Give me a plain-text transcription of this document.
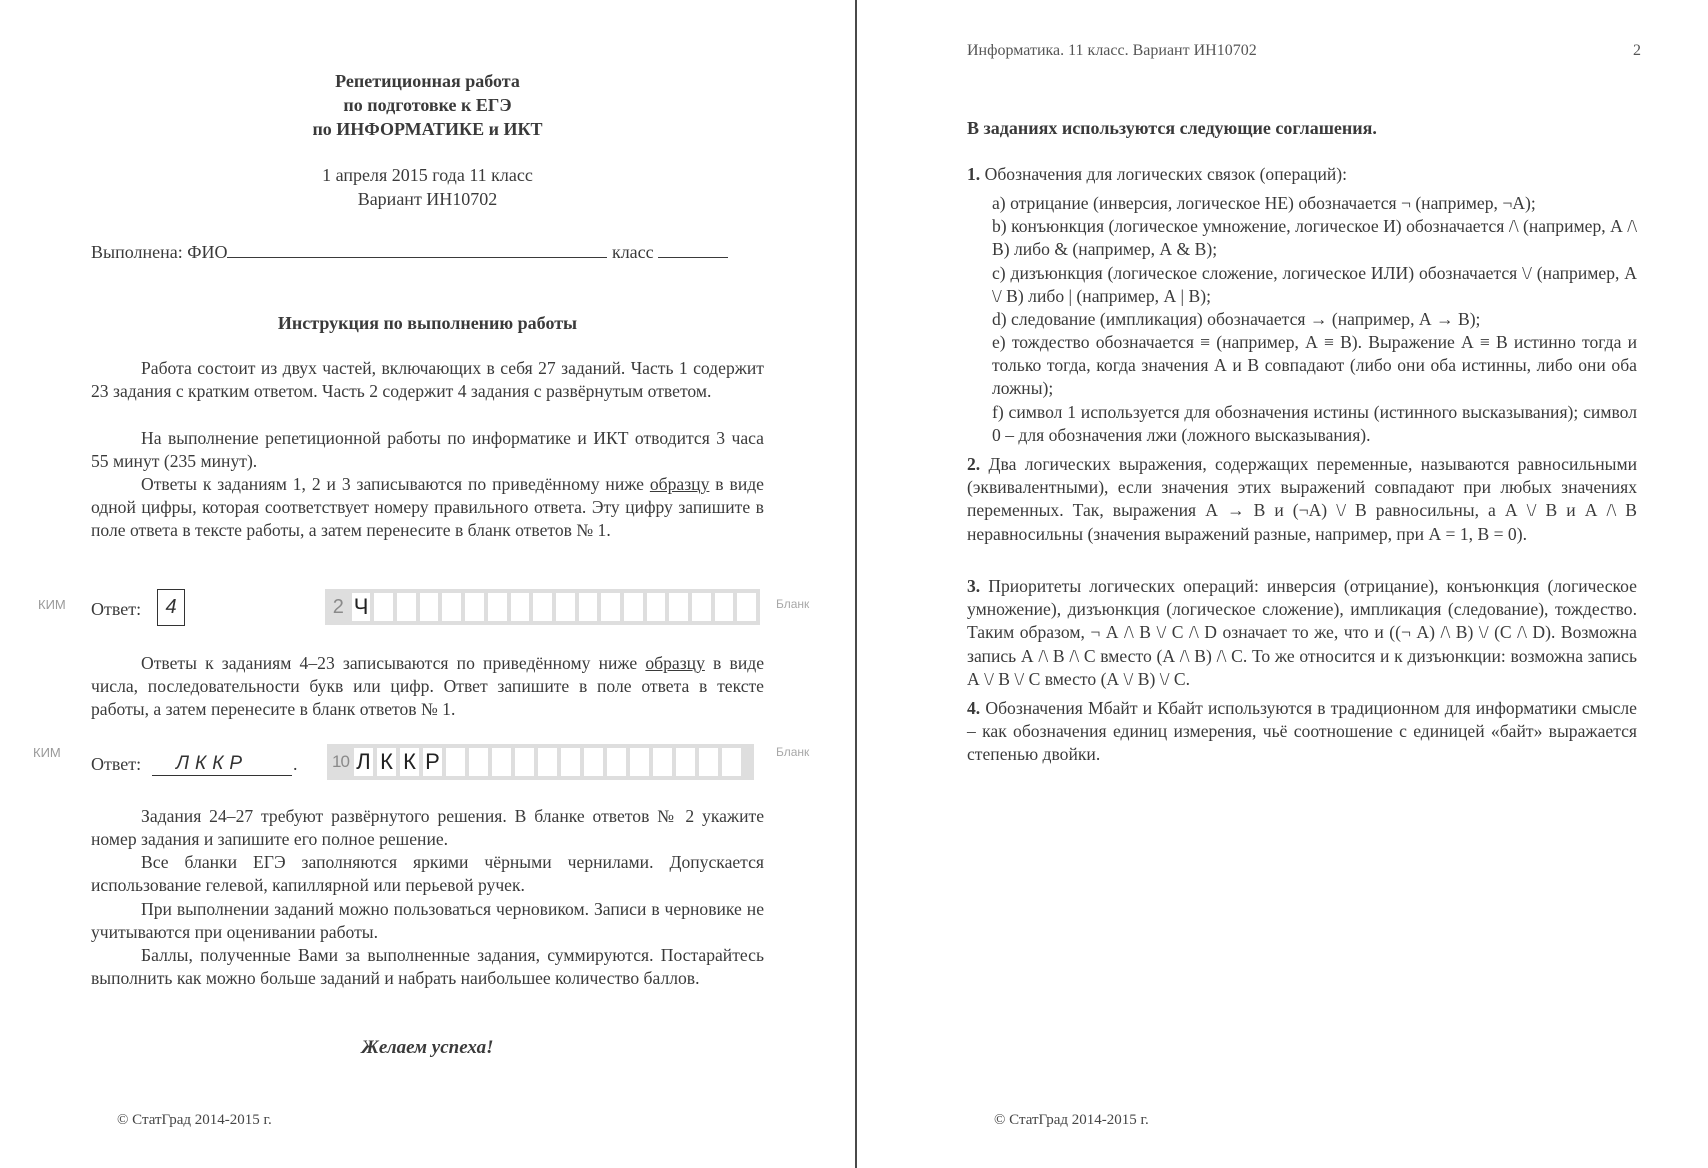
Репетиционная работа
по подготовке к ЕГЭ
по ИНФОРМАТИКЕ и ИКТ
1 апреля 2015 года 11 класс
Вариант ИН10702
Выполнена: ФИО	класс
Инструкция по выполнению работы

Работа состоит из двух частей, включающих в себя 27 заданий. Часть 1 содержит 23 задания с кратким ответом. Часть 2 содержит 4 задания с развёрнутым ответом.

На выполнение репетиционной работы по информатике и ИКТ отводится 3 часа 55 минут (235 минут).

Ответы к заданиям 1, 2 и 3 записываются по приведённому ниже образцу в виде одной цифры, которая соответствует номеру правильного ответа. Эту цифру запишите в поле ответа в тексте работы, а затем перенесите в бланк ответов № 1.

КИМ Ответ:	4	2 Ч	Бланк

Ответы к заданиям 4–23 записываются по приведённому ниже образцу в виде числа, последовательности букв или цифр. Ответ запишите в поле ответа в тексте работы, а затем перенесите в бланк ответов № 1.

КИМ
Ответ:	ЛККР	. 10 Л К К Р	Бланк

Задания 24–27 требуют развёрнутого решения. В бланке ответов № 2 укажите номер задания и запишите его полное решение.

Все бланки ЕГЭ заполняются яркими чёрными чернилами. Допускается использование гелевой, капиллярной или перьевой ручек.

При выполнении заданий можно пользоваться черновиком. Записи в черновике не учитываются при оценивании работы.

Баллы, полученные Вами за выполненные задания, суммируются. Постарайтесь выполнить как можно больше заданий и набрать наибольшее количество баллов.

Желаем успеха!
© СтатГрад 2014-2015 г.
Информатика. 11 класс. Вариант ИН10702	2
В заданиях используются следующие соглашения.

1. Обозначения для логических связок (операций):

a) отрицание (инверсия, логическое НЕ) обозначается ¬ (например, ¬А);

b) конъюнкция (логическое умножение, логическое И) обозначается /\ (например, А /\ В) либо & (например, А & В);

c) дизъюнкция (логическое сложение, логическое ИЛИ) обозначается \/ (например, А \/ В) либо | (например, А | В);

d) следование (импликация) обозначается → (например, А → В);

e) тождество обозначается ≡ (например, А ≡ В). Выражение А ≡ В истинно тогда и только тогда, когда значения А и В совпадают (либо они оба истинны, либо они оба ложны);

f) символ 1 используется для обозначения истины (истинного высказывания); символ 0 – для обозначения лжи (ложного высказывания).

2. Два логических выражения, содержащих переменные, называются равносильными (эквивалентными), если значения этих выражений совпадают при любых значениях переменных. Так, выражения А → В и (¬А) \/ В равносильны, а А \/ В и А /\ В неравносильны (значения выражений разные, например, при А = 1, В = 0).

3. Приоритеты логических операций: инверсия (отрицание), конъюнкция (логическое умножение), дизъюнкция (логическое сложение), импликация (следование), тождество. Таким образом, ¬ А /\ В \/ С /\ D означает то же, что и ((¬ А) /\ В) \/ (С /\ D). Возможна запись А /\ В /\ С вместо (А /\ В) /\ С. То же относится и к дизъюнкции: возможна запись А \/ В \/ С вместо (А \/ В) \/ С.

4. Обозначения Мбайт и Кбайт используются в традиционном для информатики смысле – как обозначения единиц измерения, чьё соотношение с единицей «байт» выражается степенью двойки.

© СтатГрад 2014-2015 г.
